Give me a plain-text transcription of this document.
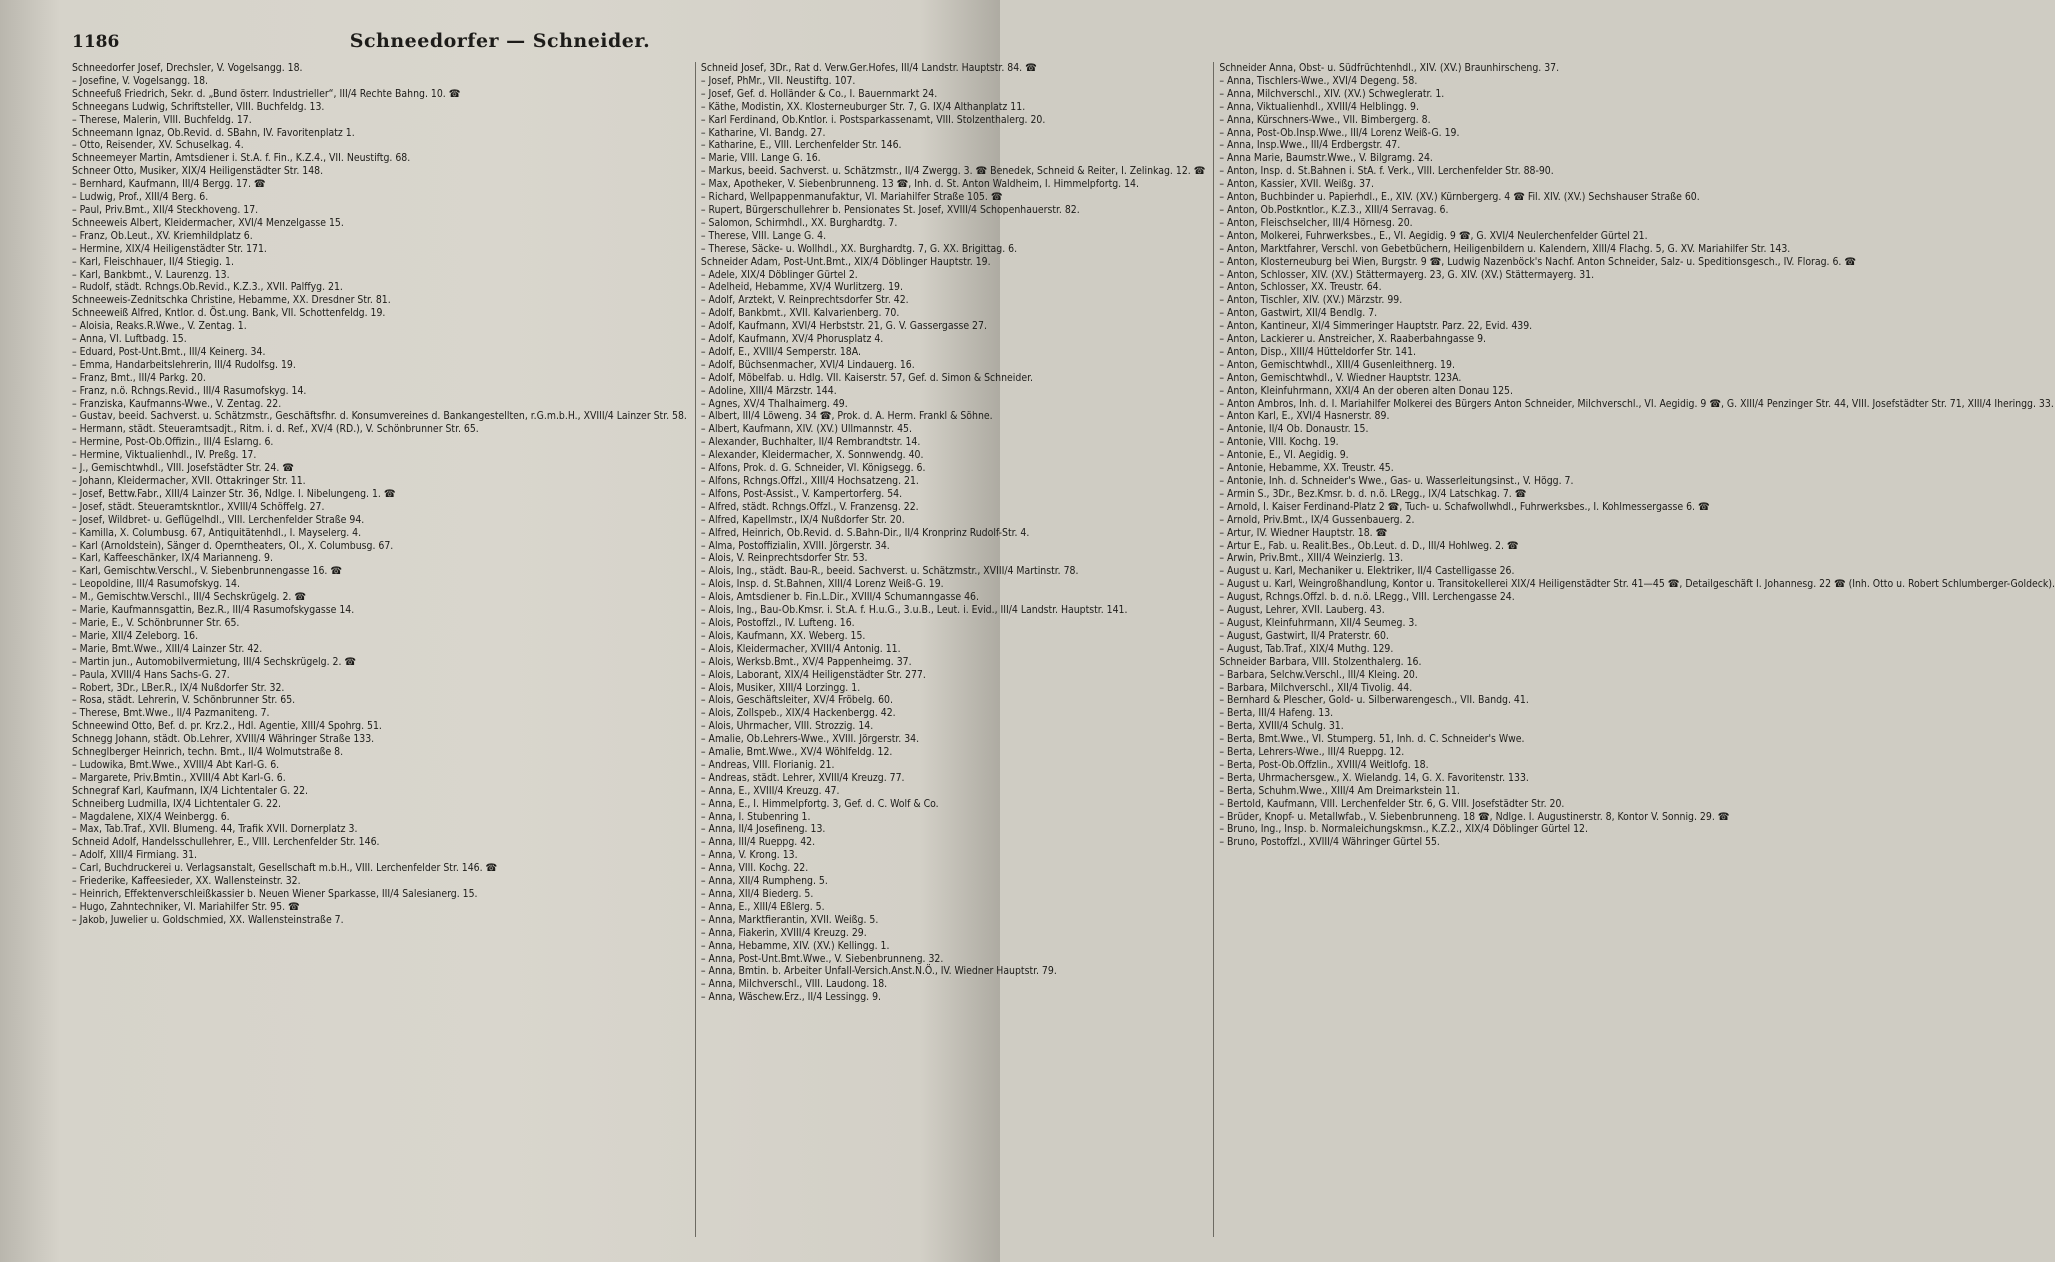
1186	Schneedorfer — Schneider.
Schneedorfer Josef, Drechsler, V. Vogelsangg. 18.
– Josefine, V. Vogelsangg. 18.
Schneefuß Friedrich, Sekr. d. „Bund österr. Industrieller“, III/4 Rechte Bahng. 10. ☎
Schneegans Ludwig, Schriftsteller, VIII. Buchfeldg. 13.
– Therese, Malerin, VIII. Buchfeldg. 17.
Schneemann Ignaz, Ob.Revid. d. SBahn, IV. Favoritenplatz 1.
– Otto, Reisender, XV. Schuselkag. 4.
Schneemeyer Martin, Amtsdiener i. St.A. f. Fin., K.Z.4., VII. Neustiftg. 68.
Schneer Otto, Musiker, XIX/4 Heiligenstädter Str. 148.
– Bernhard, Kaufmann, III/4 Bergg. 17. ☎
– Ludwig, Prof., XIII/4 Berg. 6.
– Paul, Priv.Bmt., XII/4 Steckhoveng. 17.
Schneeweis Albert, Kleidermacher, XVI/4 Menzelgasse 15.
– Franz, Ob.Leut., XV. Kriemhildplatz 6.
– Hermine, XIX/4 Heiligenstädter Str. 171.
– Karl, Fleischhauer, II/4 Stiegig. 1.
– Karl, Bankbmt., V. Laurenzg. 13.
– Rudolf, städt. Rchngs.Ob.Revid., K.Z.3., XVII. Palffyg. 21.
Schneeweis-Zednitschka Christine, Hebamme, XX. Dresdner Str. 81.
Schneeweiß Alfred, Kntlor. d. Öst.ung. Bank, VII. Schottenfeldg. 19.
– Aloisia, Reaks.R.Wwe., V. Zentag. 1.
– Anna, VI. Luftbadg. 15.
– Eduard, Post-Unt.Bmt., III/4 Keinerg. 34.
– Emma, Handarbeitslehrerin, III/4 Rudolfsg. 19.
– Franz, Bmt., III/4 Parkg. 20.
– Franz, n.ö. Rchngs.Revid., III/4 Rasumofskyg. 14.
– Franziska, Kaufmanns-Wwe., V. Zentag. 22.
– Gustav, beeid. Sachverst. u. Schätzmstr., Geschäftsfhr. d. Konsumvereines d. Bankangestellten, r.G.m.b.H., XVIII/4 Lainzer Str. 58.
– Hermann, städt. Steueramtsadjt., Ritm. i. d. Ref., XV/4 (RD.), V. Schönbrunner Str. 65.
– Hermine, Post-Ob.Offizin., III/4 Eslarng. 6.
– Hermine, Viktualienhdl., IV. Preßg. 17.
– J., Gemischtwhdl., VIII. Josefstädter Str. 24. ☎
– Johann, Kleidermacher, XVII. Ottakringer Str. 11.
– Josef, Bettw.Fabr., XIII/4 Lainzer Str. 36, Ndlge. I. Nibelungeng. 1. ☎
– Josef, städt. Steueramtskntlor., XVIII/4 Schöffelg. 27.
– Josef, Wildbret- u. Geflügelhdl., VIII. Lerchenfelder Straße 94.
– Kamilla, X. Columbusg. 67, Antiquitätenhdl., I. Mayselerg. 4.
– Karl (Arnoldstein), Sänger d. Operntheaters, Ol., X. Columbusg. 67.
– Karl, Kaffeeschänker, IX/4 Marianneng. 9.
– Karl, Gemischtw.Verschl., V. Siebenbrunnengasse 16. ☎
– Leopoldine, III/4 Rasumofskyg. 14.
– M., Gemischtw.Verschl., III/4 Sechskrügelg. 2. ☎
– Marie, Kaufmannsgattin, Bez.R., III/4 Rasumofskygasse 14.
– Marie, E., V. Schönbrunner Str. 65.
– Marie, XII/4 Zeleborg. 16.
– Marie, Bmt.Wwe., XIII/4 Lainzer Str. 42.
– Martin jun., Automobilvermietung, III/4 Sechskrügelg. 2. ☎
– Paula, XVIII/4 Hans Sachs-G. 27.
– Robert, 3Dr., LBer.R., IX/4 Nußdorfer Str. 32.
– Rosa, städt. Lehrerin, V. Schönbrunner Str. 65.
– Therese, Bmt.Wwe., II/4 Pazmaniteng. 7.
Schneewind Otto, Bef. d. pr. Krz.2., Hdl. Agentie, XIII/4 Spohrg. 51.
Schnegg Johann, städt. Ob.Lehrer, XVIII/4 Währinger Straße 133.
Schneglberger Heinrich, techn. Bmt., II/4 Wolmutstraße 8.
– Ludowika, Bmt.Wwe., XVIII/4 Abt Karl-G. 6.
– Margarete, Priv.Bmtin., XVIII/4 Abt Karl-G. 6.
Schnegraf Karl, Kaufmann, IX/4 Lichtentaler G. 22.
Schneiberg Ludmilla, IX/4 Lichtentaler G. 22.
– Magdalene, XIX/4 Weinbergg. 6.
– Max, Tab.Traf., XVII. Blumeng. 44, Trafik XVII. Dornerplatz 3.
Schneid Adolf, Handelsschullehrer, E., VIII. Lerchenfelder Str. 146.
– Adolf, XIII/4 Firmiang. 31.
– Carl, Buchdruckerei u. Verlagsanstalt, Gesellschaft m.b.H., VIII. Lerchenfelder Str. 146. ☎
– Friederike, Kaffeesieder, XX. Wallensteinstr. 32.
– Heinrich, Effektenverschleißkassier b. Neuen Wiener Sparkasse, III/4 Salesianerg. 15.
– Hugo, Zahntechniker, VI. Mariahilfer Str. 95. ☎
– Jakob, Juwelier u. Goldschmied, XX. Wallensteinstraße 7.
Schneid Josef, 3Dr., Rat d. Verw.Ger.Hofes, III/4 Landstr. Hauptstr. 84. ☎
– Josef, PhMr., VII. Neustiftg. 107.
– Josef, Gef. d. Holländer & Co., I. Bauernmarkt 24.
– Käthe, Modistin, XX. Klosterneuburger Str. 7, G. IX/4 Althanplatz 11.
– Karl Ferdinand, Ob.Kntlor. i. Postsparkassenamt, VIII. Stolzenthalerg. 20.
– Katharine, VI. Bandg. 27.
– Katharine, E., VIII. Lerchenfelder Str. 146.
– Marie, VIII. Lange G. 16.
– Markus, beeid. Sachverst. u. Schätzmstr., II/4 Zwergg. 3. ☎ Benedek, Schneid & Reiter, I. Zelinkag. 12. ☎
– Max, Apotheker, V. Siebenbrunneng. 13 ☎, Inh. d. St. Anton Waldheim, I. Himmelpfortg. 14.
– Richard, Wellpappenmanufaktur, VI. Mariahilfer Straße 105. ☎
– Rupert, Bürgerschullehrer b. Pensionates St. Josef, XVIII/4 Schopenhauerstr. 82.
– Salomon, Schirmhdl., XX. Burghardtg. 7.
– Therese, VIII. Lange G. 4.
– Therese, Säcke- u. Wollhdl., XX. Burghardtg. 7, G. XX. Brigittag. 6.
Schneider Adam, Post-Unt.Bmt., XIX/4 Döblinger Hauptstr. 19.
– Adele, XIX/4 Döblinger Gürtel 2.
– Adelheid, Hebamme, XV/4 Wurlitzerg. 19.
– Adolf, Arztekt, V. Reinprechtsdorfer Str. 42.
– Adolf, Bankbmt., XVII. Kalvarienberg. 70.
– Adolf, Kaufmann, XVI/4 Herbststr. 21, G. V. Gassergasse 27.
– Adolf, Kaufmann, XV/4 Phorusplatz 4.
– Adolf, E., XVIII/4 Semperstr. 18A.
– Adolf, Büchsenmacher, XVI/4 Lindauerg. 16.
– Adolf, Möbelfab. u. Hdlg. VII. Kaiserstr. 57, Gef. d. Simon & Schneider.
– Adoline, XIII/4 Märzstr. 144.
– Agnes, XV/4 Thalhaimerg. 49.
– Albert, III/4 Löweng. 34 ☎, Prok. d. A. Herm. Frankl & Söhne.
– Albert, Kaufmann, XIV. (XV.) Ullmannstr. 45.
– Alexander, Buchhalter, II/4 Rembrandtstr. 14.
– Alexander, Kleidermacher, X. Sonnwendg. 40.
– Alfons, Prok. d. G. Schneider, VI. Königsegg. 6.
– Alfons, Rchngs.Offzl., XIII/4 Hochsatzeng. 21.
– Alfons, Post-Assist., V. Kampertorferg. 54.
– Alfred, städt. Rchngs.Offzl., V. Franzensg. 22.
– Alfred, Kapellmstr., IX/4 Nußdorfer Str. 20.
– Alfred, Heinrich, Ob.Revid. d. S.Bahn-Dir., II/4 Kronprinz Rudolf-Str. 4.
– Alma, Postoffizialin, XVIII. Jörgerstr. 34.
– Alois, V. Reinprechtsdorfer Str. 53.
– Alois, Ing., städt. Bau-R., beeid. Sachverst. u. Schätzmstr., XVIII/4 Martinstr. 78.
– Alois, Insp. d. St.Bahnen, XIII/4 Lorenz Weiß-G. 19.
– Alois, Amtsdiener b. Fin.L.Dir., XVIII/4 Schumanngasse 46.
– Alois, Ing., Bau-Ob.Kmsr. i. St.A. f. H.u.G., 3.u.B., Leut. i. Evid., III/4 Landstr. Hauptstr. 141.
– Alois, Postoffzl., IV. Lufteng. 16.
– Alois, Kaufmann, XX. Weberg. 15.
– Alois, Kleidermacher, XVIII/4 Antonig. 11.
– Alois, Werksb.Bmt., XV/4 Pappenheimg. 37.
– Alois, Laborant, XIX/4 Heiligenstädter Str. 277.
– Alois, Musiker, XIII/4 Lorzingg. 1.
– Alois, Geschäftsleiter, XV/4 Fröbelg. 60.
– Alois, Zollspeb., XIX/4 Hackenbergg. 42.
– Alois, Uhrmacher, VIII. Strozzig. 14.
– Amalie, Ob.Lehrers-Wwe., XVIII. Jörgerstr. 34.
– Amalie, Bmt.Wwe., XV/4 Wöhlfeldg. 12.
– Andreas, VIII. Florianig. 21.
– Andreas, städt. Lehrer, XVIII/4 Kreuzg. 77.
– Anna, E., XVIII/4 Kreuzg. 47.
– Anna, E., I. Himmelpfortg. 3, Gef. d. C. Wolf & Co.
– Anna, I. Stubenring 1.
– Anna, II/4 Josefineng. 13.
– Anna, III/4 Rueppg. 42.
– Anna, V. Krong. 13.
– Anna, VIII. Kochg. 22.
– Anna, XII/4 Rumpheng. 5.
– Anna, XII/4 Biederg. 5.
– Anna, E., XIII/4 Eßlerg. 5.
– Anna, Marktfierantin, XVII. Weißg. 5.
– Anna, Fiakerin, XVIII/4 Kreuzg. 29.
– Anna, Hebamme, XIV. (XV.) Kellingg. 1.
– Anna, Post-Unt.Bmt.Wwe., V. Siebenbrunneng. 32.
– Anna, Bmtin. b. Arbeiter Unfall-Versich.Anst.N.Ö., IV. Wiedner Hauptstr. 79.
– Anna, Milchverschl., VIII. Laudong. 18.
– Anna, Wäschew.Erz., II/4 Lessingg. 9.
Schneider Anna, Obst- u. Südfrüchtenhdl., XIV. (XV.) Braunhirscheng. 37.
– Anna, Tischlers-Wwe., XVI/4 Degeng. 58.
– Anna, Milchverschl., XIV. (XV.) Schwegleratr. 1.
– Anna, Viktualienhdl., XVIII/4 Helblingg. 9.
– Anna, Kürschners-Wwe., VII. Bimbergerg. 8.
– Anna, Post-Ob.Insp.Wwe., III/4 Lorenz Weiß-G. 19.
– Anna, Insp.Wwe., III/4 Erdbergstr. 47.
– Anna Marie, Baumstr.Wwe., V. Bilgramg. 24.
– Anton, Insp. d. St.Bahnen i. StA. f. Verk., VIII. Lerchenfelder Str. 88-90.
– Anton, Kassier, XVII. Weißg. 37.
– Anton, Buchbinder u. Papierhdl., E., XIV. (XV.) Kürnbergerg. 4 ☎ Fil. XIV. (XV.) Sechshauser Straße 60.
– Anton, Ob.Postkntlor., K.Z.3., XIII/4 Serravag. 6.
– Anton, Fleischselcher, III/4 Hörnesg. 20.
– Anton, Molkerei, Fuhrwerksbes., E., VI. Aegidig. 9 ☎, G. XVI/4 Neulerchenfelder Gürtel 21.
– Anton, Marktfahrer, Verschl. von Gebetbüchern, Heiligenbildern u. Kalendern, XIII/4 Flachg. 5, G. XV. Mariahilfer Str. 143.
– Anton, Klosterneuburg bei Wien, Burgstr. 9 ☎, Ludwig Nazenböck's Nachf. Anton Schneider, Salz- u. Speditionsgesch., IV. Florag. 6. ☎
– Anton, Schlosser, XIV. (XV.) Stättermayerg. 23, G. XIV. (XV.) Stättermayerg. 31.
– Anton, Schlosser, XX. Treustr. 64.
– Anton, Tischler, XIV. (XV.) Märzstr. 99.
– Anton, Gastwirt, XII/4 Bendlg. 7.
– Anton, Kantineur, XI/4 Simmeringer Hauptstr. Parz. 22, Evid. 439.
– Anton, Lackierer u. Anstreicher, X. Raaberbahngasse 9.
– Anton, Disp., XIII/4 Hütteldorfer Str. 141.
– Anton, Gemischtwhdl., XIII/4 Gusenleithnerg. 19.
– Anton, Gemischtwhdl., V. Wiedner Hauptstr. 123A.
– Anton, Kleinfuhrmann, XXI/4 An der oberen alten Donau 125.
– Anton Ambros, Inh. d. I. Mariahilfer Molkerei des Bürgers Anton Schneider, Milchverschl., VI. Aegidig. 9 ☎, G. XIII/4 Penzinger Str. 44, VIII. Josefstädter Str. 71, XIII/4 Iheringg. 33.
– Anton Karl, E., XVI/4 Hasnerstr. 89.
– Antonie, II/4 Ob. Donaustr. 15.
– Antonie, VIII. Kochg. 19.
– Antonie, E., VI. Aegidig. 9.
– Antonie, Hebamme, XX. Treustr. 45.
– Antonie, Inh. d. Schneider's Wwe., Gas- u. Wasserleitungsinst., V. Högg. 7.
– Armin S., 3Dr., Bez.Kmsr. b. d. n.ö. LRegg., IX/4 Latschkag. 7. ☎
– Arnold, I. Kaiser Ferdinand-Platz 2 ☎, Tuch- u. Schafwollwhdl., Fuhrwerksbes., I. Kohlmessergasse 6. ☎
– Arnold, Priv.Bmt., IX/4 Gussenbauerg. 2.
– Artur, IV. Wiedner Hauptstr. 18. ☎
– Artur E., Fab. u. Realit.Bes., Ob.Leut. d. D., III/4 Hohlweg. 2. ☎
– Arwin, Priv.Bmt., XIII/4 Weinzierlg. 13.
– August u. Karl, Mechaniker u. Elektriker, II/4 Castelligasse 26.
– August u. Karl, Weingroßhandlung, Kontor u. Transitokellerei XIX/4 Heiligenstädter Str. 41—45 ☎, Detailgeschäft I. Johannesg. 22 ☎ (Inh. Otto u. Robert Schlumberger-Goldeck).
– August, Rchngs.Offzl. b. d. n.ö. LRegg., VIII. Lerchengasse 24.
– August, Lehrer, XVII. Lauberg. 43.
– August, Kleinfuhrmann, XII/4 Seumeg. 3.
– August, Gastwirt, II/4 Praterstr. 60.
– August, Tab.Traf., XIX/4 Muthg. 129.
Schneider Barbara, VIII. Stolzenthalerg. 16.
– Barbara, Selchw.Verschl., III/4 Kleing. 20.
– Barbara, Milchverschl., XII/4 Tivolig. 44.
– Bernhard & Plescher, Gold- u. Silberwarengesch., VII. Bandg. 41.
– Berta, III/4 Hafeng. 13.
– Berta, XVIII/4 Schulg. 31.
– Berta, Bmt.Wwe., VI. Stumperg. 51, Inh. d. C. Schneider's Wwe.
– Berta, Lehrers-Wwe., III/4 Rueppg. 12.
– Berta, Post-Ob.Offzlin., XVIII/4 Weitlofg. 18.
– Berta, Uhrmachersgew., X. Wielandg. 14, G. X. Favoritenstr. 133.
– Berta, Schuhm.Wwe., XIII/4 Am Dreimarkstein 11.
– Bertold, Kaufmann, VIII. Lerchenfelder Str. 6, G. VIII. Josefstädter Str. 20.
– Brüder, Knopf- u. Metallwfab., V. Siebenbrunneng. 18 ☎, Ndlge. I. Augustinerstr. 8, Kontor V. Sonnig. 29. ☎
– Bruno, Ing., Insp. b. Normaleichungskmsn., K.Z.2., XIX/4 Döblinger Gürtel 12.
– Bruno, Postoffzl., XVIII/4 Währinger Gürtel 55.
